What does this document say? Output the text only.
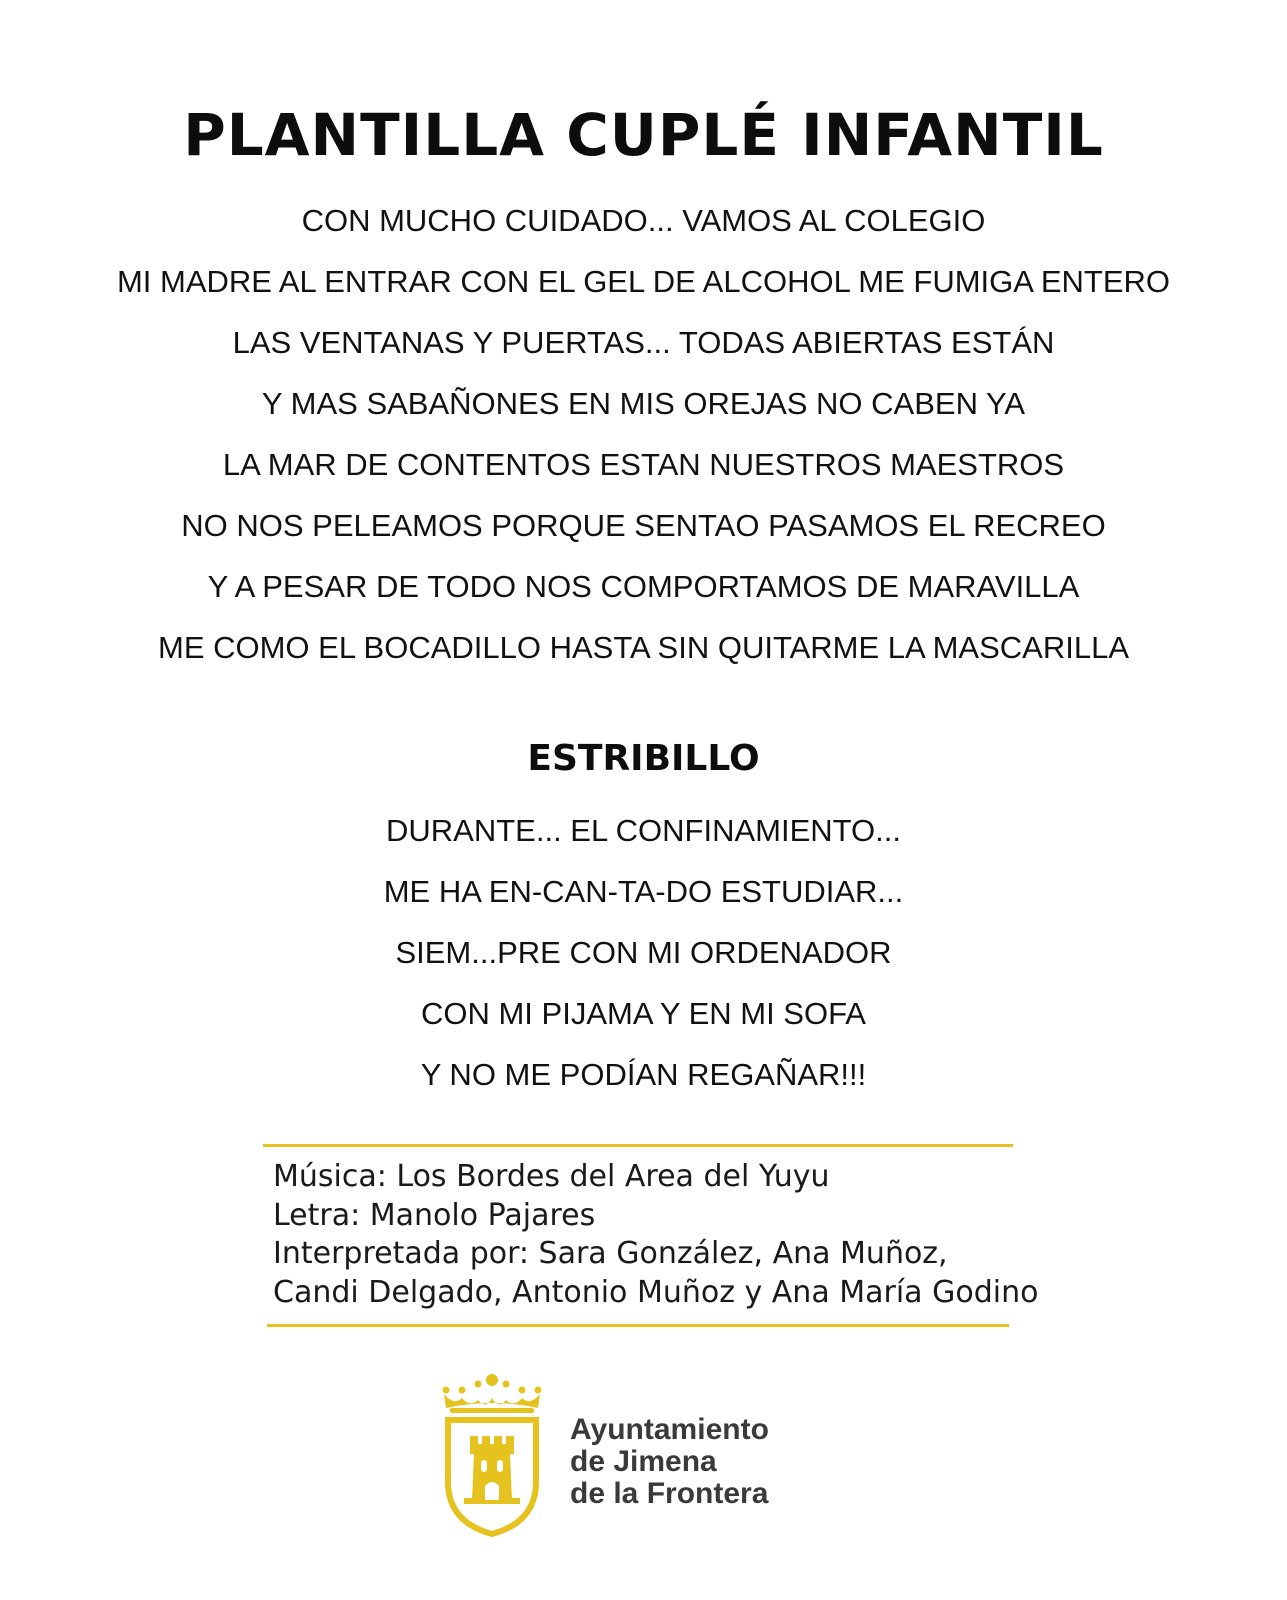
PLANTILLA CUPLÉ INFANTIL
CON MUCHO CUIDADO... VAMOS AL COLEGIO
MI MADRE AL ENTRAR CON EL GEL DE ALCOHOL ME FUMIGA ENTERO
LAS VENTANAS Y PUERTAS... TODAS ABIERTAS ESTÁN
Y MAS SABAÑONES EN MIS OREJAS NO CABEN YA
LA MAR DE CONTENTOS ESTAN NUESTROS MAESTROS
NO NOS PELEAMOS PORQUE SENTAO PASAMOS EL RECREO
Y A PESAR DE TODO NOS COMPORTAMOS DE MARAVILLA
ME COMO EL BOCADILLO HASTA SIN QUITARME LA MASCARILLA
ESTRIBILLO
DURANTE... EL CONFINAMIENTO...
ME HA EN-CAN-TA-DO ESTUDIAR...
SIEM...PRE CON MI ORDENADOR
CON MI PIJAMA Y EN MI SOFA
Y NO ME PODÍAN REGAÑAR!!!
Música: Los Bordes del Area del Yuyu
Letra: Manolo Pajares
Interpretada por: Sara González, Ana Muñoz,
Candi Delgado, Antonio Muñoz y Ana María Godino
Ayuntamiento
de Jimena
de la Frontera
